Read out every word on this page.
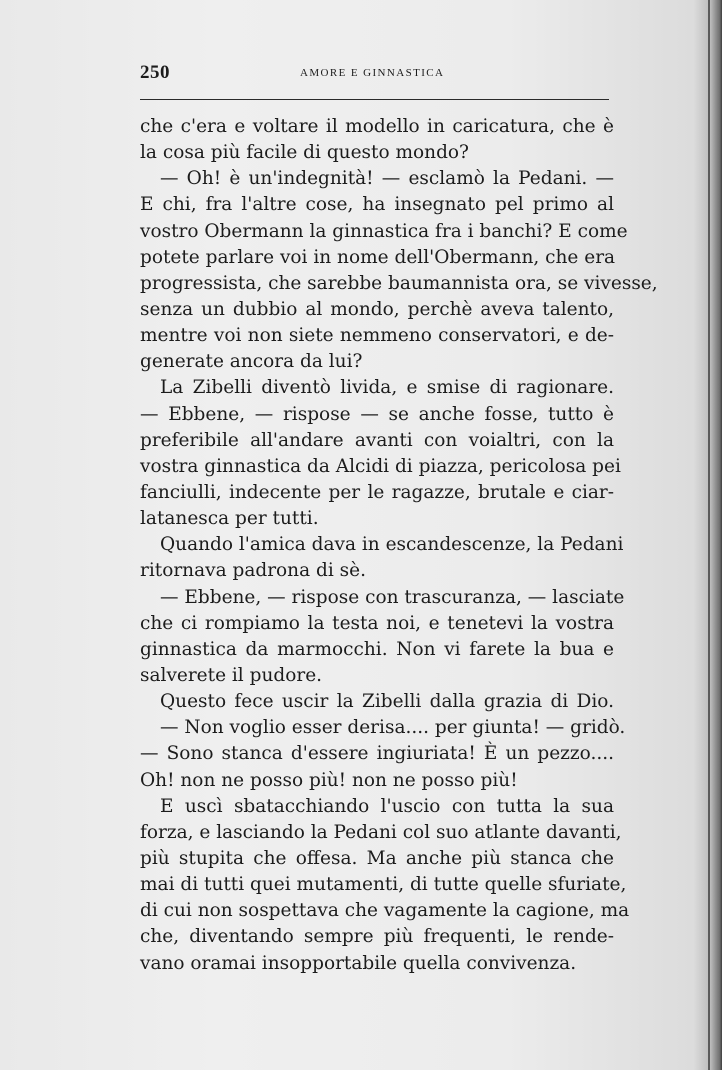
250	AMORE E GINNASTICA
che c'era e voltare il modello in caricatura, che è
la cosa più facile di questo mondo?
— Oh! è un'indegnità! — esclamò la Pedani. —
E chi, fra l'altre cose, ha insegnato pel primo al
vostro Obermann la ginnastica fra i banchi? E come
potete parlare voi in nome dell'Obermann, che era
progressista, che sarebbe baumannista ora, se vivesse,
senza un dubbio al mondo, perchè aveva talento,
mentre voi non siete nemmeno conservatori, e de-
generate ancora da lui?
La Zibelli diventò livida, e smise di ragionare.
— Ebbene, — rispose — se anche fosse, tutto è
preferibile all'andare avanti con voialtri, con la
vostra ginnastica da Alcidi di piazza, pericolosa pei
fanciulli, indecente per le ragazze, brutale e ciar-
latanesca per tutti.
Quando l'amica dava in escandescenze, la Pedani
ritornava padrona di sè.
— Ebbene, — rispose con trascuranza, — lasciate
che ci rompiamo la testa noi, e tenetevi la vostra
ginnastica da marmocchi. Non vi farete la bua e
salverete il pudore.
Questo fece uscir la Zibelli dalla grazia di Dio.
— Non voglio esser derisa.... per giunta! — gridò.
— Sono stanca d'essere ingiuriata! È un pezzo....
Oh! non ne posso più! non ne posso più!
E uscì sbatacchiando l'uscio con tutta la sua
forza, e lasciando la Pedani col suo atlante davanti,
più stupita che offesa. Ma anche più stanca che
mai di tutti quei mutamenti, di tutte quelle sfuriate,
di cui non sospettava che vagamente la cagione, ma
che, diventando sempre più frequenti, le rende-
vano oramai insopportabile quella convivenza.
